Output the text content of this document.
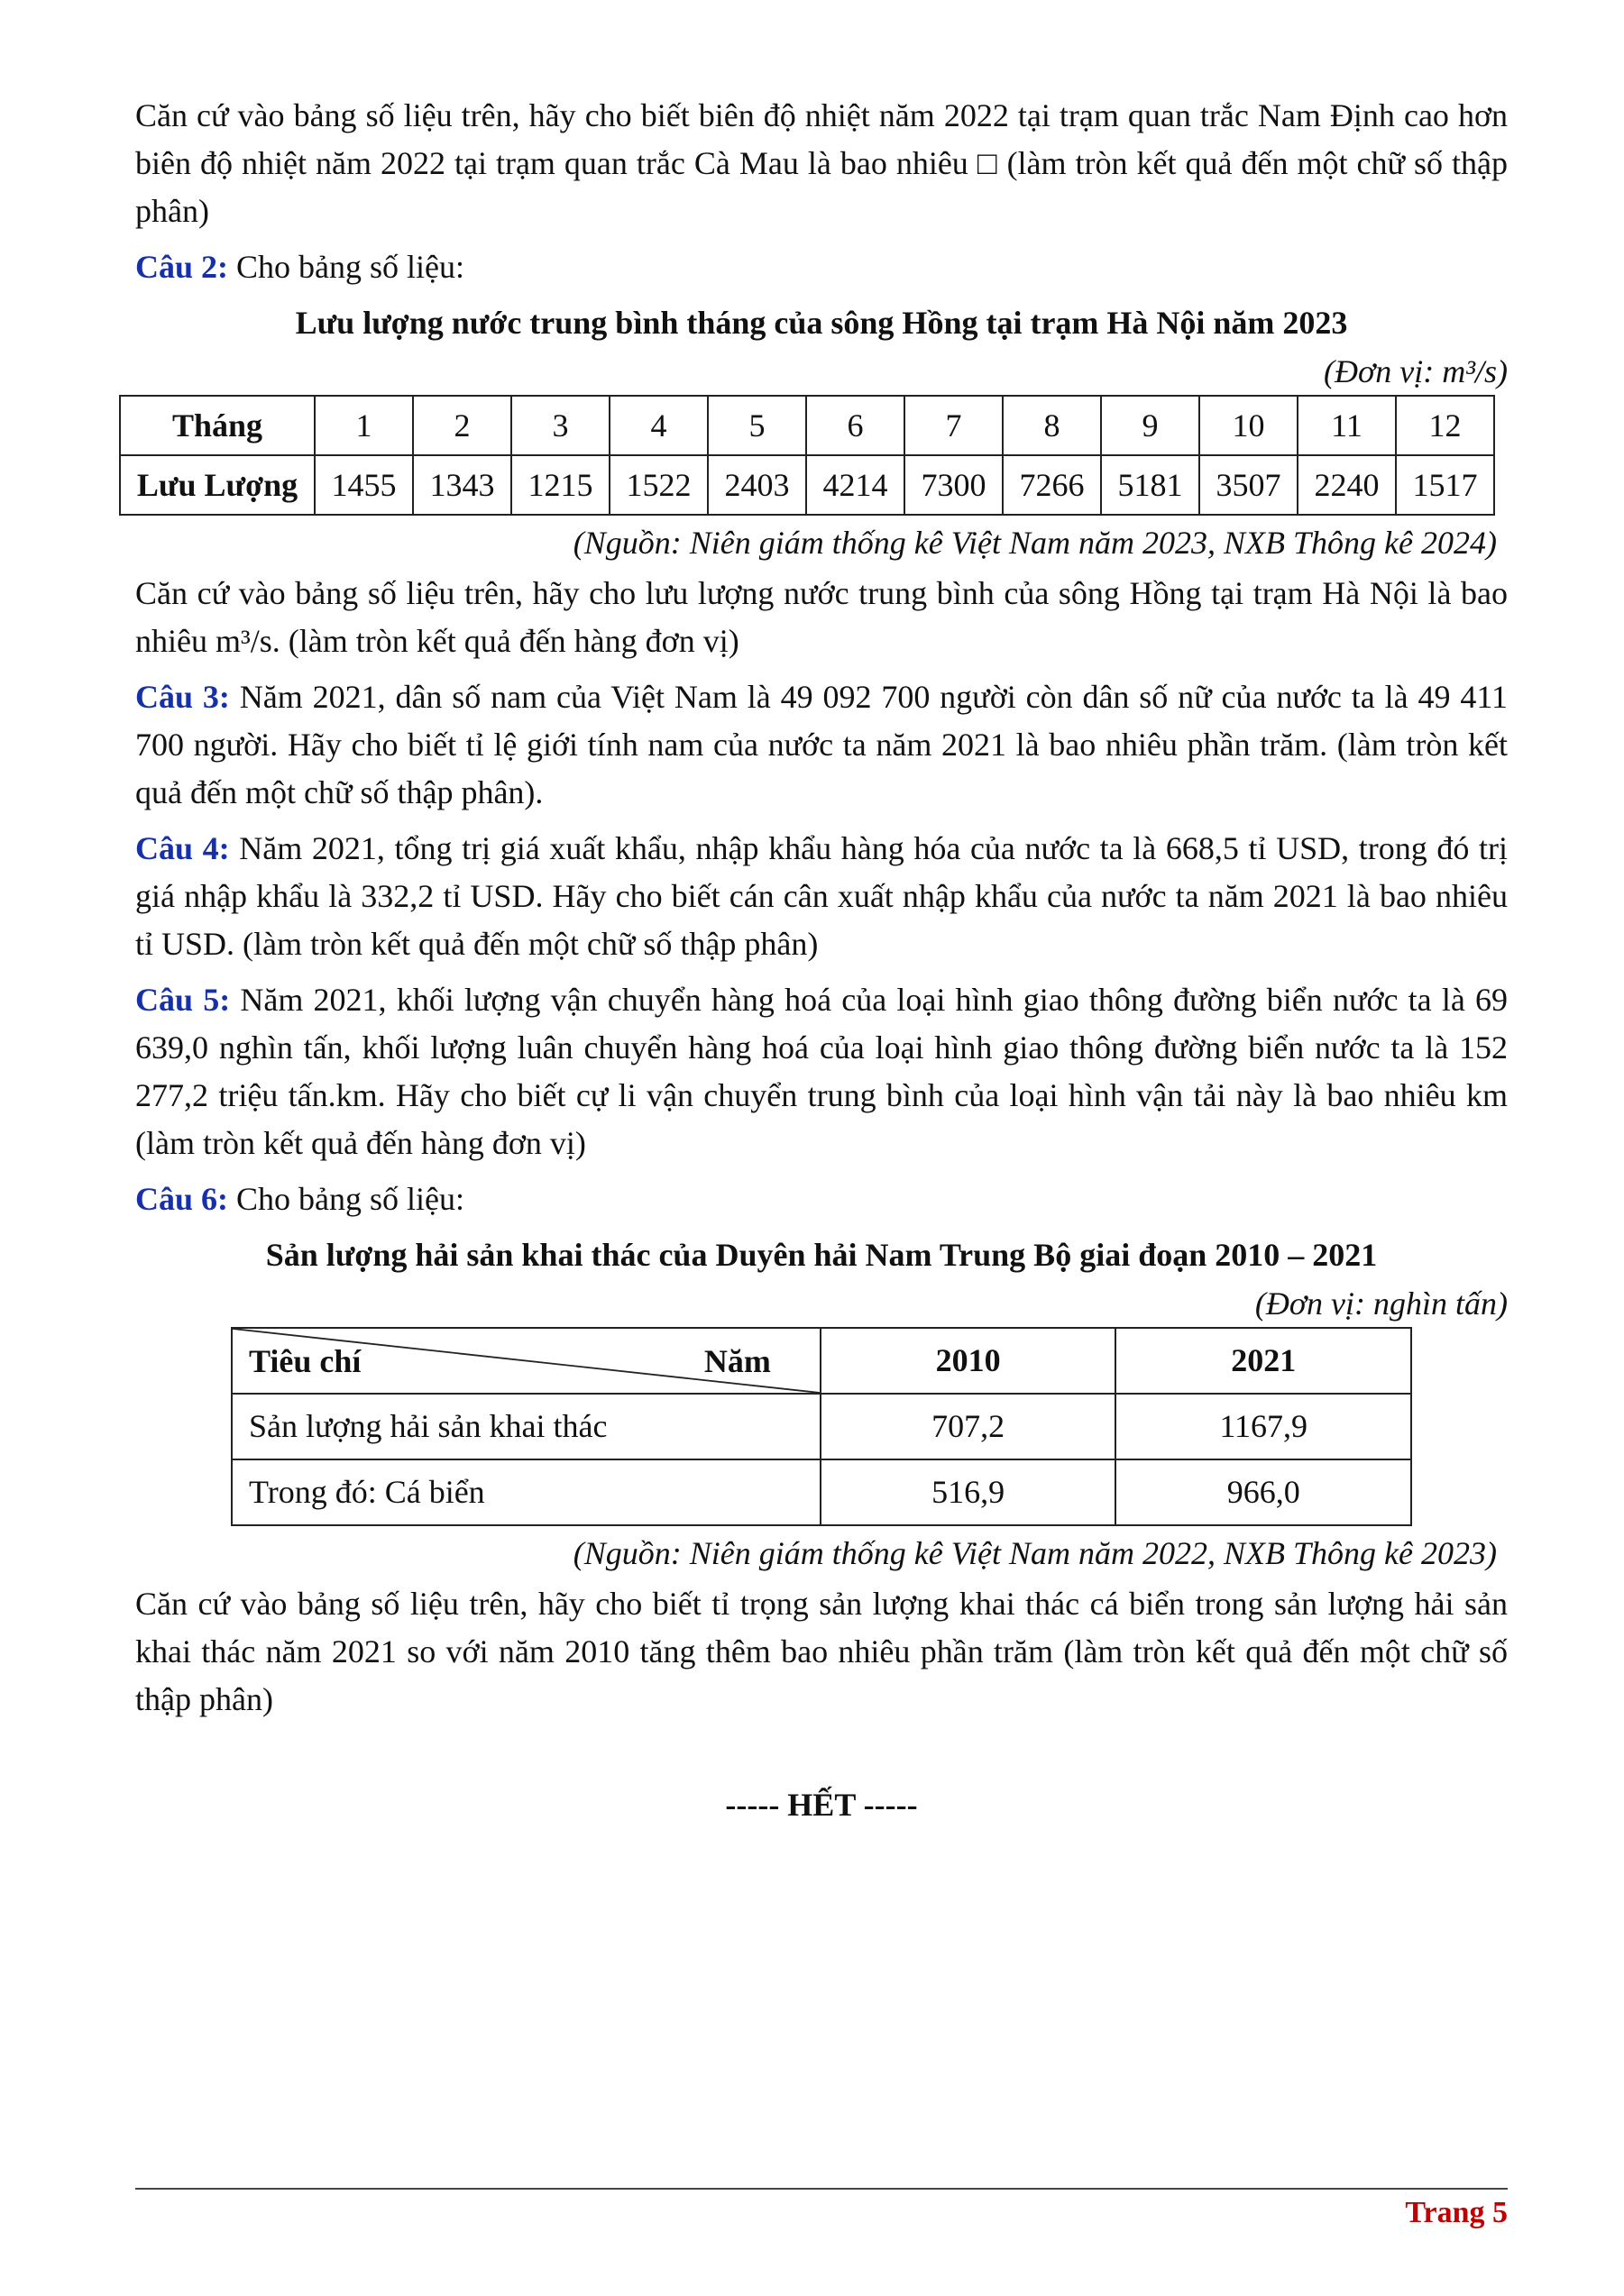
Căn cứ vào bảng số liệu trên, hãy cho biết biên độ nhiệt năm 2022 tại trạm quan trắc Nam Định cao hơn biên độ nhiệt năm 2022 tại trạm quan trắc Cà Mau là bao nhiêu □ (làm tròn kết quả đến một chữ số thập phân)

Câu 2: Cho bảng số liệu:

Lưu lượng nước trung bình tháng của sông Hồng tại trạm Hà Nội năm 2023

(Đơn vị: m³/s)

Tháng	1	2	3	4	5	6	7	8	9	10	11	12
Lưu Lượng	1455	1343	1215	1522	2403	4214	7300	7266	5181	3507	2240	1517

(Nguồn: Niên giám thống kê Việt Nam năm 2023, NXB Thông kê 2024)

Căn cứ vào bảng số liệu trên, hãy cho lưu lượng nước trung bình của sông Hồng tại trạm Hà Nội là bao nhiêu m³/s. (làm tròn kết quả đến hàng đơn vị)

Câu 3: Năm 2021, dân số nam của Việt Nam là 49 092 700 người còn dân số nữ của nước ta là 49 411 700 người. Hãy cho biết tỉ lệ giới tính nam của nước ta năm 2021 là bao nhiêu phần trăm. (làm tròn kết quả đến một chữ số thập phân).

Câu 4: Năm 2021, tổng trị giá xuất khẩu, nhập khẩu hàng hóa của nước ta là 668,5 tỉ USD, trong đó trị giá nhập khẩu là 332,2 tỉ USD. Hãy cho biết cán cân xuất nhập khẩu của nước ta năm 2021 là bao nhiêu tỉ USD. (làm tròn kết quả đến một chữ số thập phân)

Câu 5: Năm 2021, khối lượng vận chuyển hàng hoá của loại hình giao thông đường biển nước ta là 69 639,0 nghìn tấn, khối lượng luân chuyển hàng hoá của loại hình giao thông đường biển nước ta là 152 277,2 triệu tấn.km. Hãy cho biết cự li vận chuyển trung bình của loại hình vận tải này là bao nhiêu km (làm tròn kết quả đến hàng đơn vị)

Câu 6: Cho bảng số liệu:

Sản lượng hải sản khai thác của Duyên hải Nam Trung Bộ giai đoạn 2010 – 2021

(Đơn vị: nghìn tấn)

Tiêu chí Năm	2010	2021
Sản lượng hải sản khai thác	707,2	1167,9
Trong đó: Cá biển	516,9	966,0

(Nguồn: Niên giám thống kê Việt Nam năm 2022, NXB Thông kê 2023)

Căn cứ vào bảng số liệu trên, hãy cho biết tỉ trọng sản lượng khai thác cá biển trong sản lượng hải sản khai thác năm 2021 so với năm 2010 tăng thêm bao nhiêu phần trăm (làm tròn kết quả đến một chữ số thập phân)

----- HẾT -----

Trang 5
